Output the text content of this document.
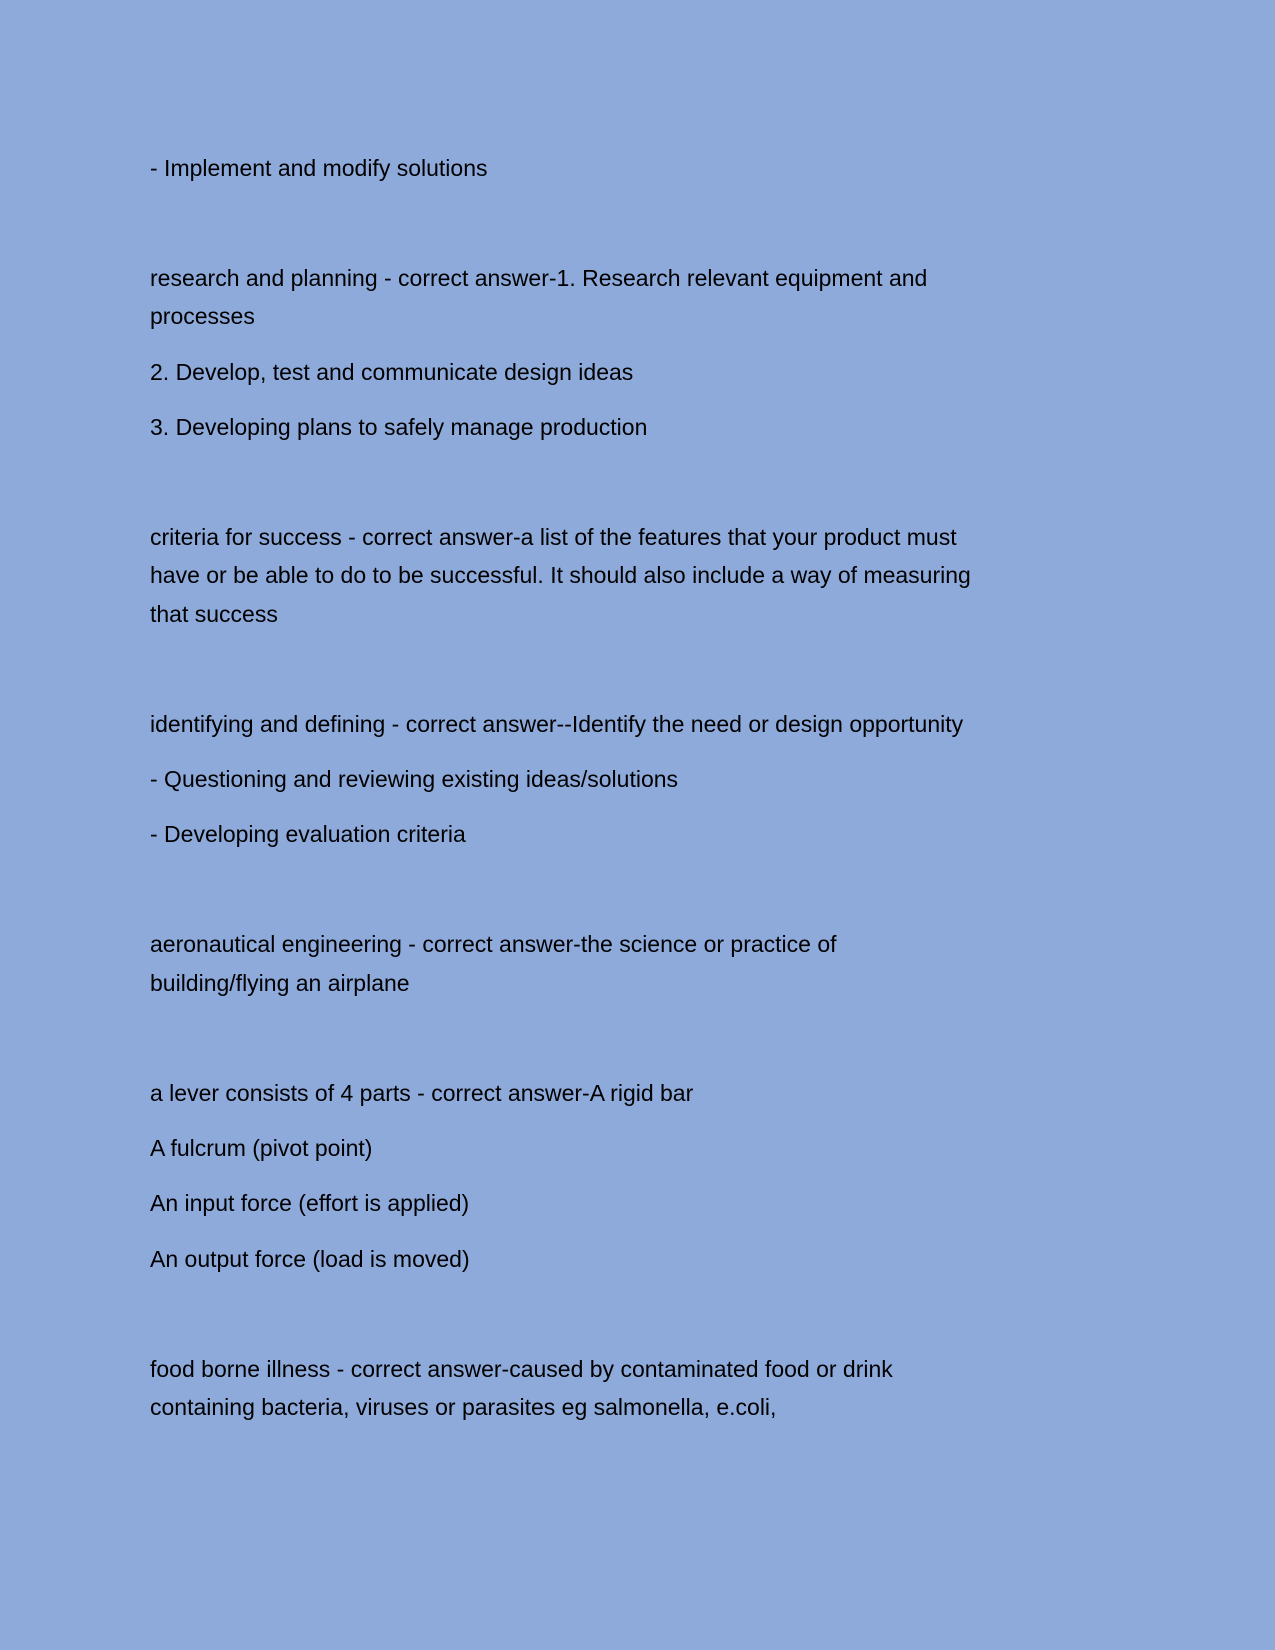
- Implement and modify solutions

research and planning - correct answer-1. Research relevant equipment and

processes

2. Develop, test and communicate design ideas

3. Developing plans to safely manage production

criteria for success - correct answer-a list of the features that your product must

have or be able to do to be successful. It should also include a way of measuring

that success

identifying and defining - correct answer--Identify the need or design opportunity

- Questioning and reviewing existing ideas/solutions

- Developing evaluation criteria

aeronautical engineering - correct answer-the science or practice of

building/flying an airplane

a lever consists of 4 parts - correct answer-A rigid bar

A fulcrum (pivot point)

An input force (effort is applied)

An output force (load is moved)

food borne illness - correct answer-caused by contaminated food or drink

containing bacteria, viruses or parasites eg salmonella, e.coli,
